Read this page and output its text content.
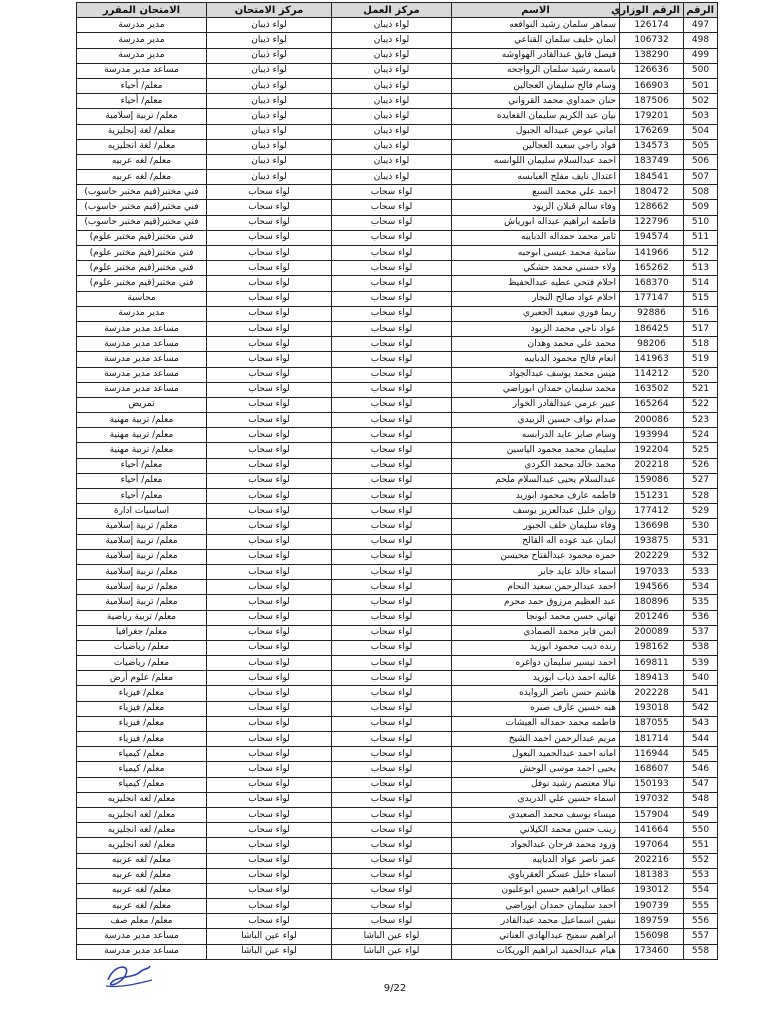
الرقم	الرقم الوزاري	الاسم	مركز العمل	مركز الامتحان	الامتحان المقرر
497	126174	سماهر سلمان رشيد النوافعه	لواء ذيبان	لواء ذيبان	مدير مدرسة
498	106732	ايمان خليف سلمان القناعي	لواء ذيبان	لواء ذيبان	مدير مدرسة
499	138290	فيصل فايق عبدالقادر الهواوشه	لواء ذيبان	لواء ذيبان	مدير مدرسة
500	126636	باسمه رشيد سلمان الرواجحه	لواء ذيبان	لواء ذيبان	مساعد مدير مدرسة
501	166903	وسام فالح سليمان العجالين	لواء ذيبان	لواء ذيبان	معلم/ أحياء
502	187506	حنان حمداوي محمد القرواني	لواء ذيبان	لواء ذيبان	معلم/ أحياء
503	179201	بيان عبد الكريم سليمان القعايده	لواء ذيبان	لواء ذيبان	معلم/ تربية إسلامية
504	176269	اماني عوض عبيداله الجبول	لواء ذيبان	لواء ذيبان	معلم/ لغة إنجليزية
505	134573	فواد راجي سعيد العجالين	لواء ذيبان	لواء ذيبان	معلم/ لغة انجليزيه
506	183749	احمد عبدالسلام سليمان اللوانسه	لواء ذيبان	لواء ذيبان	معلم/ لغه عربيه
507	184541	اعتدال نايف مفلح العبابسه	لواء ذيبان	لواء ذيبان	معلم/ لغه عربيه
508	180472	احمد علي محمد السبع	لواء سحاب	لواء سحاب	فني مختبر(قيم مختبر حاسوب)
509	128662	وفاء سالم قبلان الزيود	لواء سحاب	لواء سحاب	فني مختبر(قيم مختبر حاسوب)
510	122796	فاطمه ابراهيم عبداله ابورياش	لواء سحاب	لواء سحاب	فني مختبر(قيم مختبر حاسوب)
511	194574	ثامر محمد حمداله الدبايبه	لواء سحاب	لواء سحاب	فني مختبر(قيم مختبر علوم)
512	141966	سامية محمد عيسى ابوجبه	لواء سحاب	لواء سحاب	فني مختبر(قيم مختبر علوم)
513	165262	ولاء حسني محمد حشكي	لواء سحاب	لواء سحاب	فني مختبر(قيم مختبر علوم)
514	168370	احلام فتحي عطيه عبدالحفيظ	لواء سحاب	لواء سحاب	فني مختبر(قيم مختبر علوم)
515	177147	احلام عواد صالح النجار	لواء سحاب	لواء سحاب	محاسبة
516	92886	ريما فوزي سعيد الجعبري	لواء سحاب	لواء سحاب	مدير مدرسة
517	186425	عواد ناجي محمد الزيود	لواء سحاب	لواء سحاب	مساعد مدير مدرسة
518	98206	محمد علي محمد وهدان	لواء سحاب	لواء سحاب	مساعد مدير مدرسة
519	141963	انعام فالح محمود الدبايبه	لواء سحاب	لواء سحاب	مساعد مدير مدرسة
520	114212	ميس محمد يوسف عبدالجواد	لواء سحاب	لواء سحاب	مساعد مدير مدرسة
521	163502	محمد سليمان حمدان ابوراضي	لواء سحاب	لواء سحاب	مساعد مدير مدرسة
522	165264	عبير عزمي عبدالقادر الخوار	لواء سحاب	لواء سحاب	تمريض
523	200086	صدام نواف حسين الزبيدي	لواء سحاب	لواء سحاب	معلم/ تربية مهنية
524	193994	وسام صابر عايد الدرابسه	لواء سحاب	لواء سحاب	معلم/ تربية مهنية
525	192204	سليمان محمد محمود الياسين	لواء سحاب	لواء سحاب	معلم/ تربية مهنية
526	202218	محمد خالد محمد الكردي	لواء سحاب	لواء سحاب	معلم/ أحياء
527	159086	عبدالسلام يحيى عبدالسلام ملحم	لواء سحاب	لواء سحاب	معلم/ أحياء
528	151231	فاطمه عارف محمود ابوزيد	لواء سحاب	لواء سحاب	معلم/ أحياء
529	177412	روان خليل عبدالعزيز يوسف	لواء سحاب	لواء سحاب	اساسيات ادارة
530	136698	وفاء سليمان خلف الجبور	لواء سحاب	لواء سحاب	معلم/ تربية إسلامية
531	193875	ايمان عبد عوده اله القالح	لواء سحاب	لواء سحاب	معلم/ تربية إسلامية
532	202229	حمزه محمود عبدالفتاح محيسن	لواء سحاب	لواء سحاب	معلم/ تربية إسلامية
533	197033	اسماء خالد عايد جابر	لواء سحاب	لواء سحاب	معلم/ تربية إسلامية
534	194566	احمد عبدالرحمن سعيد النحام	لواء سحاب	لواء سحاب	معلم/ تربية إسلامية
535	180896	عبد العظيم مرزوق حمد محرم	لواء سحاب	لواء سحاب	معلم/ تربية إسلامية
536	201246	تهاني حسن محمد ابونجا	لواء سحاب	لواء سحاب	معلم/ تربية رياضية
537	200089	ايمن فايز محمد الصمادي	لواء سحاب	لواء سحاب	معلم/ جغرافيا
538	198162	رنده ذيب محمود ابوزيد	لواء سحاب	لواء سحاب	معلم/ رياضيات
539	169811	احمد تيسير سليمان دواغره	لواء سحاب	لواء سحاب	معلم/ رياضيات
540	189413	غاليه احمد ذياب ابوزيد	لواء سحاب	لواء سحاب	معلم/ علوم أرض
541	202228	هاشم حسن ناصر الزوايده	لواء سحاب	لواء سحاب	معلم/ فيزياء
542	193018	هبه حسين عارف صبره	لواء سحاب	لواء سحاب	معلم/ فيزياء
543	187055	فاطمه محمد حمداله العيشات	لواء سحاب	لواء سحاب	معلم/ فيزياء
544	181714	مريم عبدالرحمن احمد الشيخ	لواء سحاب	لواء سحاب	معلم/ فيزياء
545	116944	امانه احمد عبدالحميد البعول	لواء سحاب	لواء سحاب	معلم/ كيمياء
546	168607	يحيى احمد موسى الوحش	لواء سحاب	لواء سحاب	معلم/ كيمياء
547	150193	نيالا معتصم رشيد نوفل	لواء سحاب	لواء سحاب	معلم/ كيمياء
548	197032	اسماء حسين علي الدريدي	لواء سحاب	لواء سحاب	معلم/ لغه انجليزيه
549	157904	ميساء يوسف محمد الصعيدي	لواء سحاب	لواء سحاب	معلم/ لغه انجليزيه
550	141664	زينب حسن محمد الكيلاني	لواء سحاب	لواء سحاب	معلم/ لغه انجليزيه
551	197064	ورود محمد فرحان عبدالجواد	لواء سحاب	لواء سحاب	معلم/ لغه انجليزيه
552	202216	عمر ناصر عواد الدبايبه	لواء سحاب	لواء سحاب	معلم/ لغه عربيه
553	181383	اسماء خليل عسكر العقرباوي	لواء سحاب	لواء سحاب	معلم/ لغه عربيه
554	193012	عطاف ابراهيم حسين ابوعليون	لواء سحاب	لواء سحاب	معلم/ لغه عربيه
555	190739	احمد سليمان حمدان ابوراضي	لواء سحاب	لواء سحاب	معلم/ لغه عربيه
556	189759	نيفين اسماعيل محمد عبدالقادر	لواء سحاب	لواء سحاب	معلم/ معلم صف
557	156098	ابراهيم سميح عبدالهادي العناتي	لواء عين الباشا	لواء عين الباشا	مساعد مدير مدرسة
558	173460	هيام عبدالحميد ابراهيم الوريكات	لواء عين الباشا	لواء عين الباشا	مساعد مدير مدرسة
9/22
